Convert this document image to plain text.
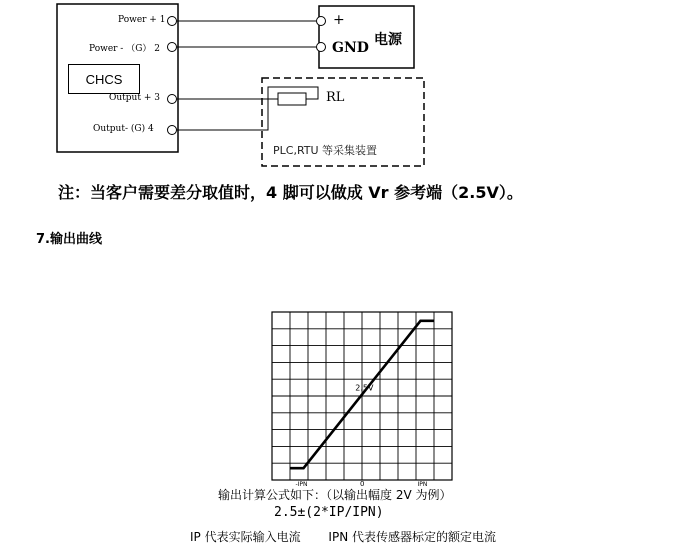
Power + 1
Power - （G） 2
Output + 3
Output- (G) 4
CHCS
+
GND 电源
RL
PLC,RTU 等采集装置
注：当客户需要差分取值时，4 脚可以做成 Vr 参考端（2.5V）。
7.输出曲线
2.5V
-IPN	0	IPN
输出计算公式如下：（以输出幅度 2V 为例）
2.5±(2*IP/IPN)
IP 代表实际输入电流 IPN 代表传感器标定的额定电流
